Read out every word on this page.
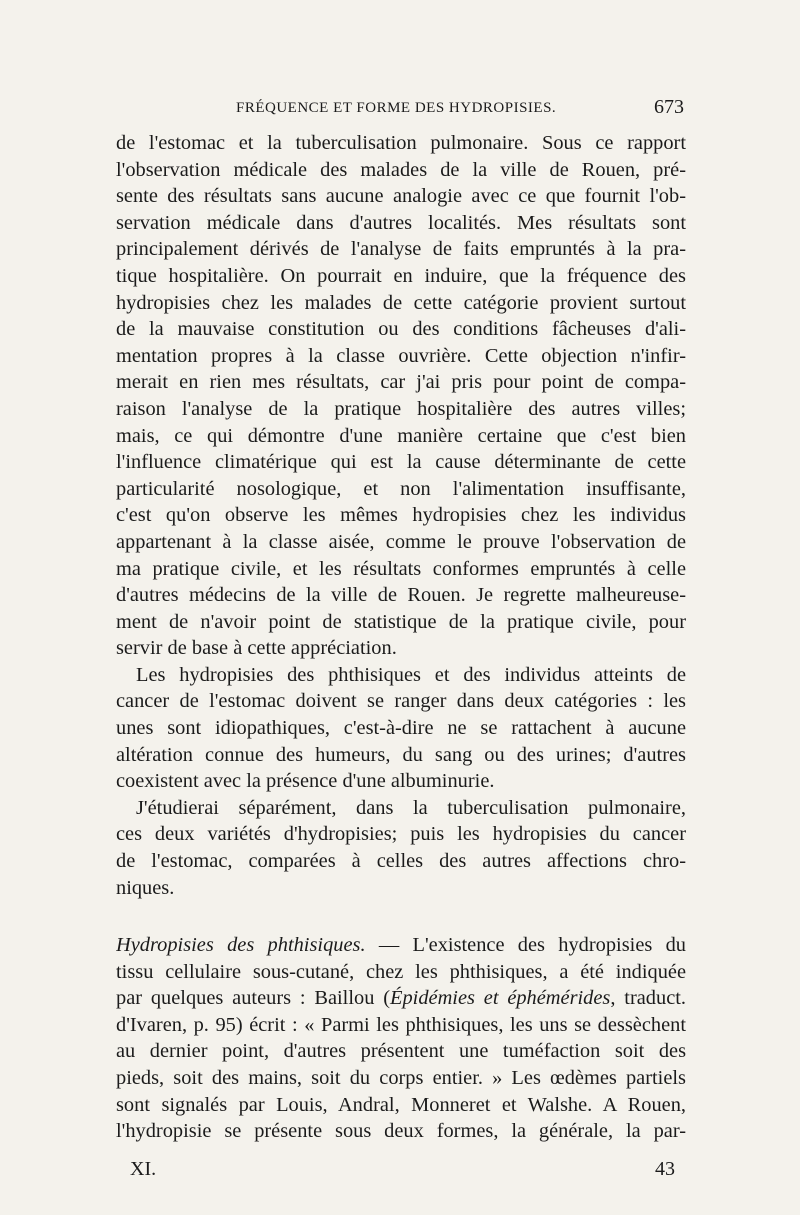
FRÉQUENCE ET FORME DES HYDROPISIES.	673
de l'estomac et la tuberculisation pulmonaire. Sous ce rapport
l'observation médicale des malades de la ville de Rouen, pré-
sente des résultats sans aucune analogie avec ce que fournit l'ob-
servation médicale dans d'autres localités. Mes résultats sont
principalement dérivés de l'analyse de faits empruntés à la pra-
tique hospitalière. On pourrait en induire, que la fréquence des
hydropisies chez les malades de cette catégorie provient surtout
de la mauvaise constitution ou des conditions fâcheuses d'ali-
mentation propres à la classe ouvrière. Cette objection n'infir-
merait en rien mes résultats, car j'ai pris pour point de compa-
raison l'analyse de la pratique hospitalière des autres villes;
mais, ce qui démontre d'une manière certaine que c'est bien
l'influence climatérique qui est la cause déterminante de cette
particularité nosologique, et non l'alimentation insuffisante,
c'est qu'on observe les mêmes hydropisies chez les individus
appartenant à la classe aisée, comme le prouve l'observation de
ma pratique civile, et les résultats conformes empruntés à celle
d'autres médecins de la ville de Rouen. Je regrette malheureuse-
ment de n'avoir point de statistique de la pratique civile, pour
servir de base à cette appréciation.
Les hydropisies des phthisiques et des individus atteints de
cancer de l'estomac doivent se ranger dans deux catégories : les
unes sont idiopathiques, c'est-à-dire ne se rattachent à aucune
altération connue des humeurs, du sang ou des urines; d'autres
coexistent avec la présence d'une albuminurie.
J'étudierai séparément, dans la tuberculisation pulmonaire,
ces deux variétés d'hydropisies; puis les hydropisies du cancer
de l'estomac, comparées à celles des autres affections chro-
niques.
Hydropisies des phthisiques. — L'existence des hydropisies du
tissu cellulaire sous-cutané, chez les phthisiques, a été indiquée
par quelques auteurs : Baillou (Épidémies et éphémérides, traduct.
d'Ivaren, p. 95) écrit : « Parmi les phthisiques, les uns se dessèchent
au dernier point, d'autres présentent une tuméfaction soit des
pieds, soit des mains, soit du corps entier. » Les œdèmes partiels
sont signalés par Louis, Andral, Monneret et Walshe. A Rouen,
l'hydropisie se présente sous deux formes, la générale, la par-
XI.	43
